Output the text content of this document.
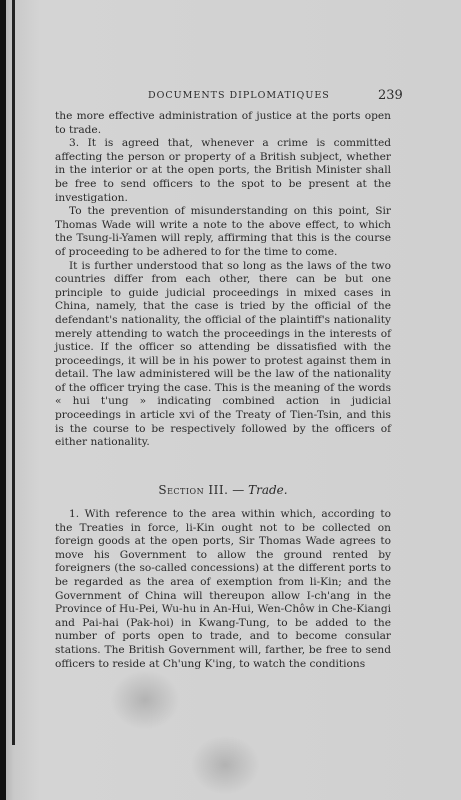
DOCUMENTS DIPLOMATIQUES	239

the more effective administration of justice at the ports open to trade.

3. It is agreed that, whenever a crime is committed affecting the person or property of a British subject, whether in the interior or at the open ports, the British Minister shall be free to send officers to the spot to be present at the investigation.

To the prevention of misunderstanding on this point, Sir Thomas Wade will write a note to the above effect, to which the Tsung-li-Yamen will reply, affirming that this is the course of proceeding to be adhered to for the time to come.

It is further understood that so long as the laws of the two countries differ from each other, there can be but one principle to guide judicial proceedings in mixed cases in China, namely, that the case is tried by the official of the defendant's nationality, the official of the plaintiff's nationality merely attending to watch the proceedings in the interests of justice. If the officer so attending be dissatisfied with the proceedings, it will be in his power to protest against them in detail. The law administered will be the law of the nationality of the officer trying the case. This is the meaning of the words « hui t'ung » indicating combined action in judicial proceedings in article xvi of the Treaty of Tien-Tsin, and this is the course to be respectively followed by the officers of either nationality.

Section III. — Trade.

1. With reference to the area within which, according to the Treaties in force, li-Kin ought not to be collected on foreign goods at the open ports, Sir Thomas Wade agrees to move his Government to allow the ground rented by foreigners (the so-called concessions) at the different ports to be regarded as the area of exemption from li-Kin; and the Government of China will thereupon allow I-ch'ang in the Province of Hu-Pei, Wu-hu in An-Hui, Wen-Chôw in Che-Kiangi and Pai-hai (Pak-hoi) in Kwang-Tung, to be added to the number of ports open to trade, and to become consular stations. The British Government will, farther, be free to send officers to reside at Ch'ung K'ing, to watch the conditions
